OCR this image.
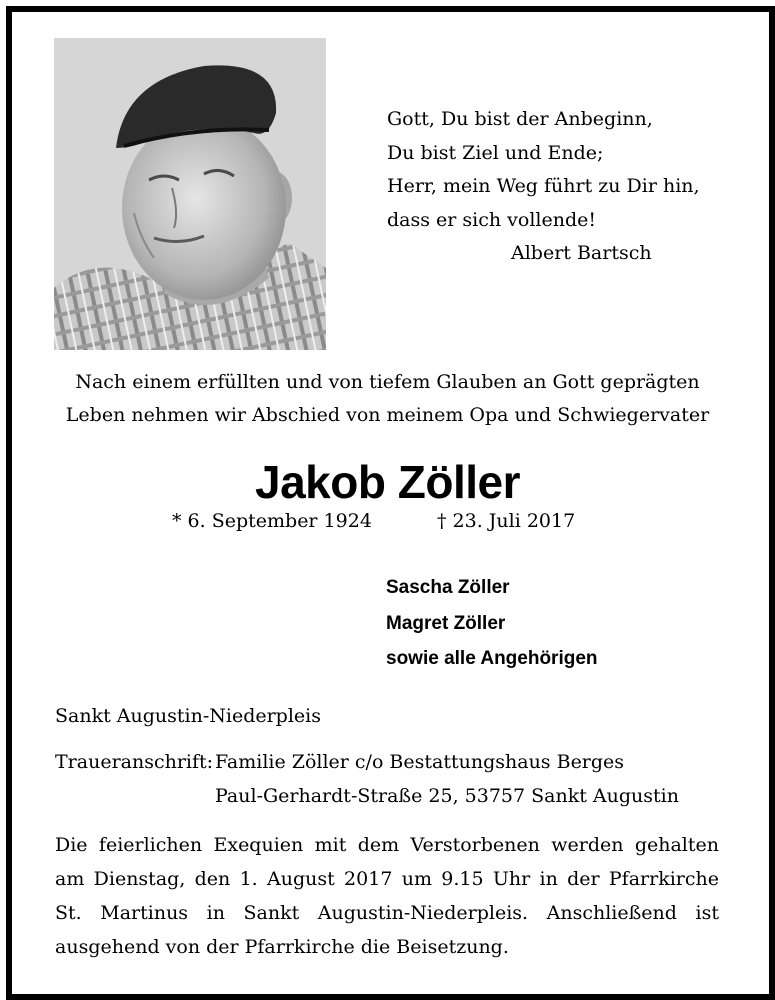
Gott, Du bist der Anbeginn,
Du bist Ziel und Ende;
Herr, mein Weg führt zu Dir hin,
dass er sich vollende!
Albert Bartsch
Nach einem erfüllten und von tiefem Glauben an Gott geprägten
Leben nehmen wir Abschied von meinem Opa und Schwiegervater
Jakob Zöller
* 6. September 1924	† 23. Juli 2017
Sascha Zöller
Magret Zöller
sowie alle Angehörigen
Sankt Augustin-Niederpleis
Traueranschrift: Familie Zöller c/o Bestattungshaus Berges
Paul-Gerhardt-Straße 25, 53757 Sankt Augustin
Die feierlichen Exequien mit dem Verstorbenen werden gehalten
am Dienstag, den 1. August 2017 um 9.15 Uhr in der Pfarrkirche
St. Martinus in Sankt Augustin-Niederpleis. Anschließend ist
ausgehend von der Pfarrkirche die Beisetzung.
